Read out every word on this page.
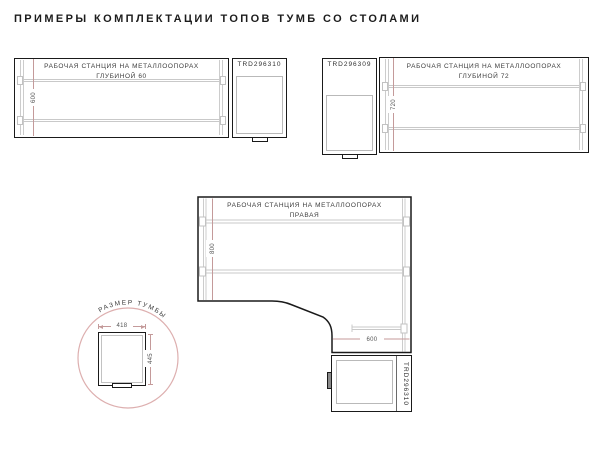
ПРИМЕРЫ КОМПЛЕКТАЦИИ ТОПОВ ТУМБ СО СТОЛАМИ
РАБОЧАЯ СТАНЦИЯ НА МЕТАЛЛООПОРАХ
ГЛУБИНОЙ 60
600
TRD296310	TRD296309	РАБОЧАЯ СТАНЦИЯ НА МЕТАЛЛООПОРАХ
ГЛУБИНОЙ 72
720
РАЗМЕР ТУМБЫ
РАБОЧАЯ СТАНЦИЯ НА МЕТАЛЛООПОРАХ
ПРАВАЯ
800
600
TRD296310
418
445
